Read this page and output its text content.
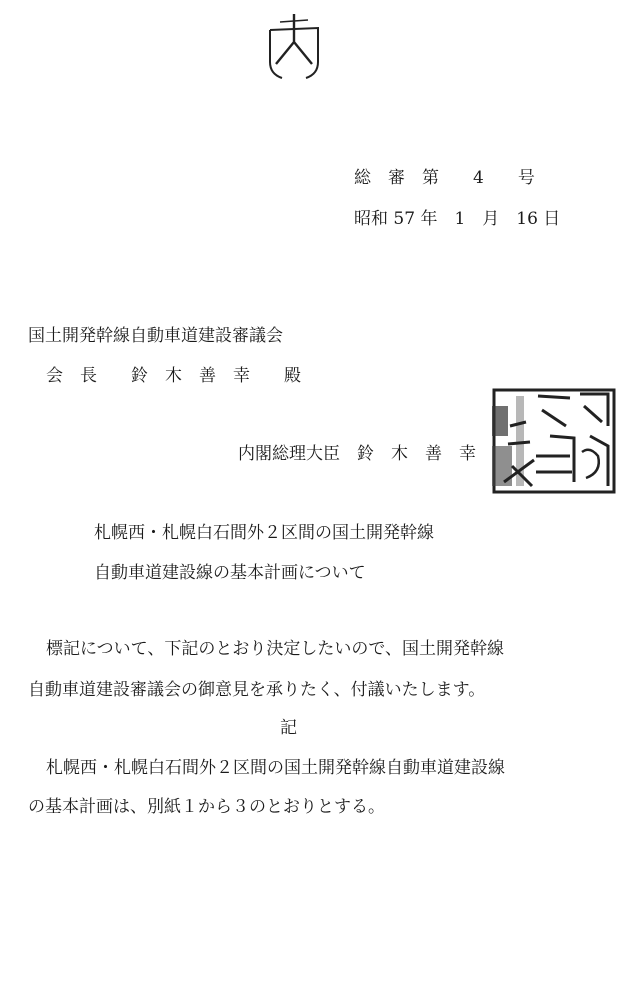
総　審　第　　4　　号
昭和 57 年　1　月　16 日
国土開発幹線自動車道建設審議会
会　長　　鈴　木　善　幸　　殿
内閣総理大臣　鈴　木　善　幸
札幌西・札幌白石間外２区間の国土開発幹線
自動車道建設線の基本計画について
標記について、下記のとおり決定したいので、国土開発幹線
自動車道建設審議会の御意見を承りたく、付議いたします。
記
札幌西・札幌白石間外２区間の国土開発幹線自動車道建設線
の基本計画は、別紙１から３のとおりとする。
